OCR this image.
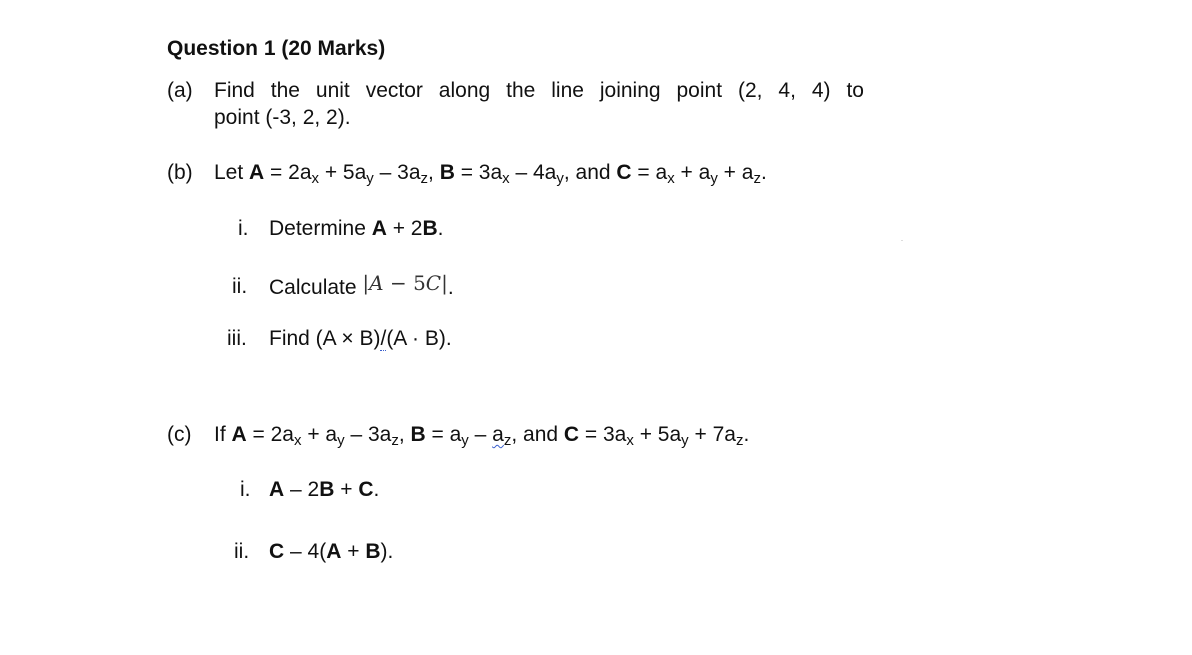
Question 1 (20 Marks)
(a) Find the unit vector along the line joining point (2, 4, 4) to
point (-3, 2, 2).
(b) Let $A = 2a_x + 5a_y - 3a_z$, $B = 3a_x - 4a_y$, and $C = a_x + a_y + a_z$.
i. Determine A + 2B.
ii. Calculate |A − 5C|.
iii. Find (A × B)/(A · B).
(c) If $A = 2a_x + a_y - 3a_z$, $B = a_y - a_z$, and $C = 3a_x + 5a_y + 7a_z$.
i. A – 2B + C.
ii. C – 4(A + B).
